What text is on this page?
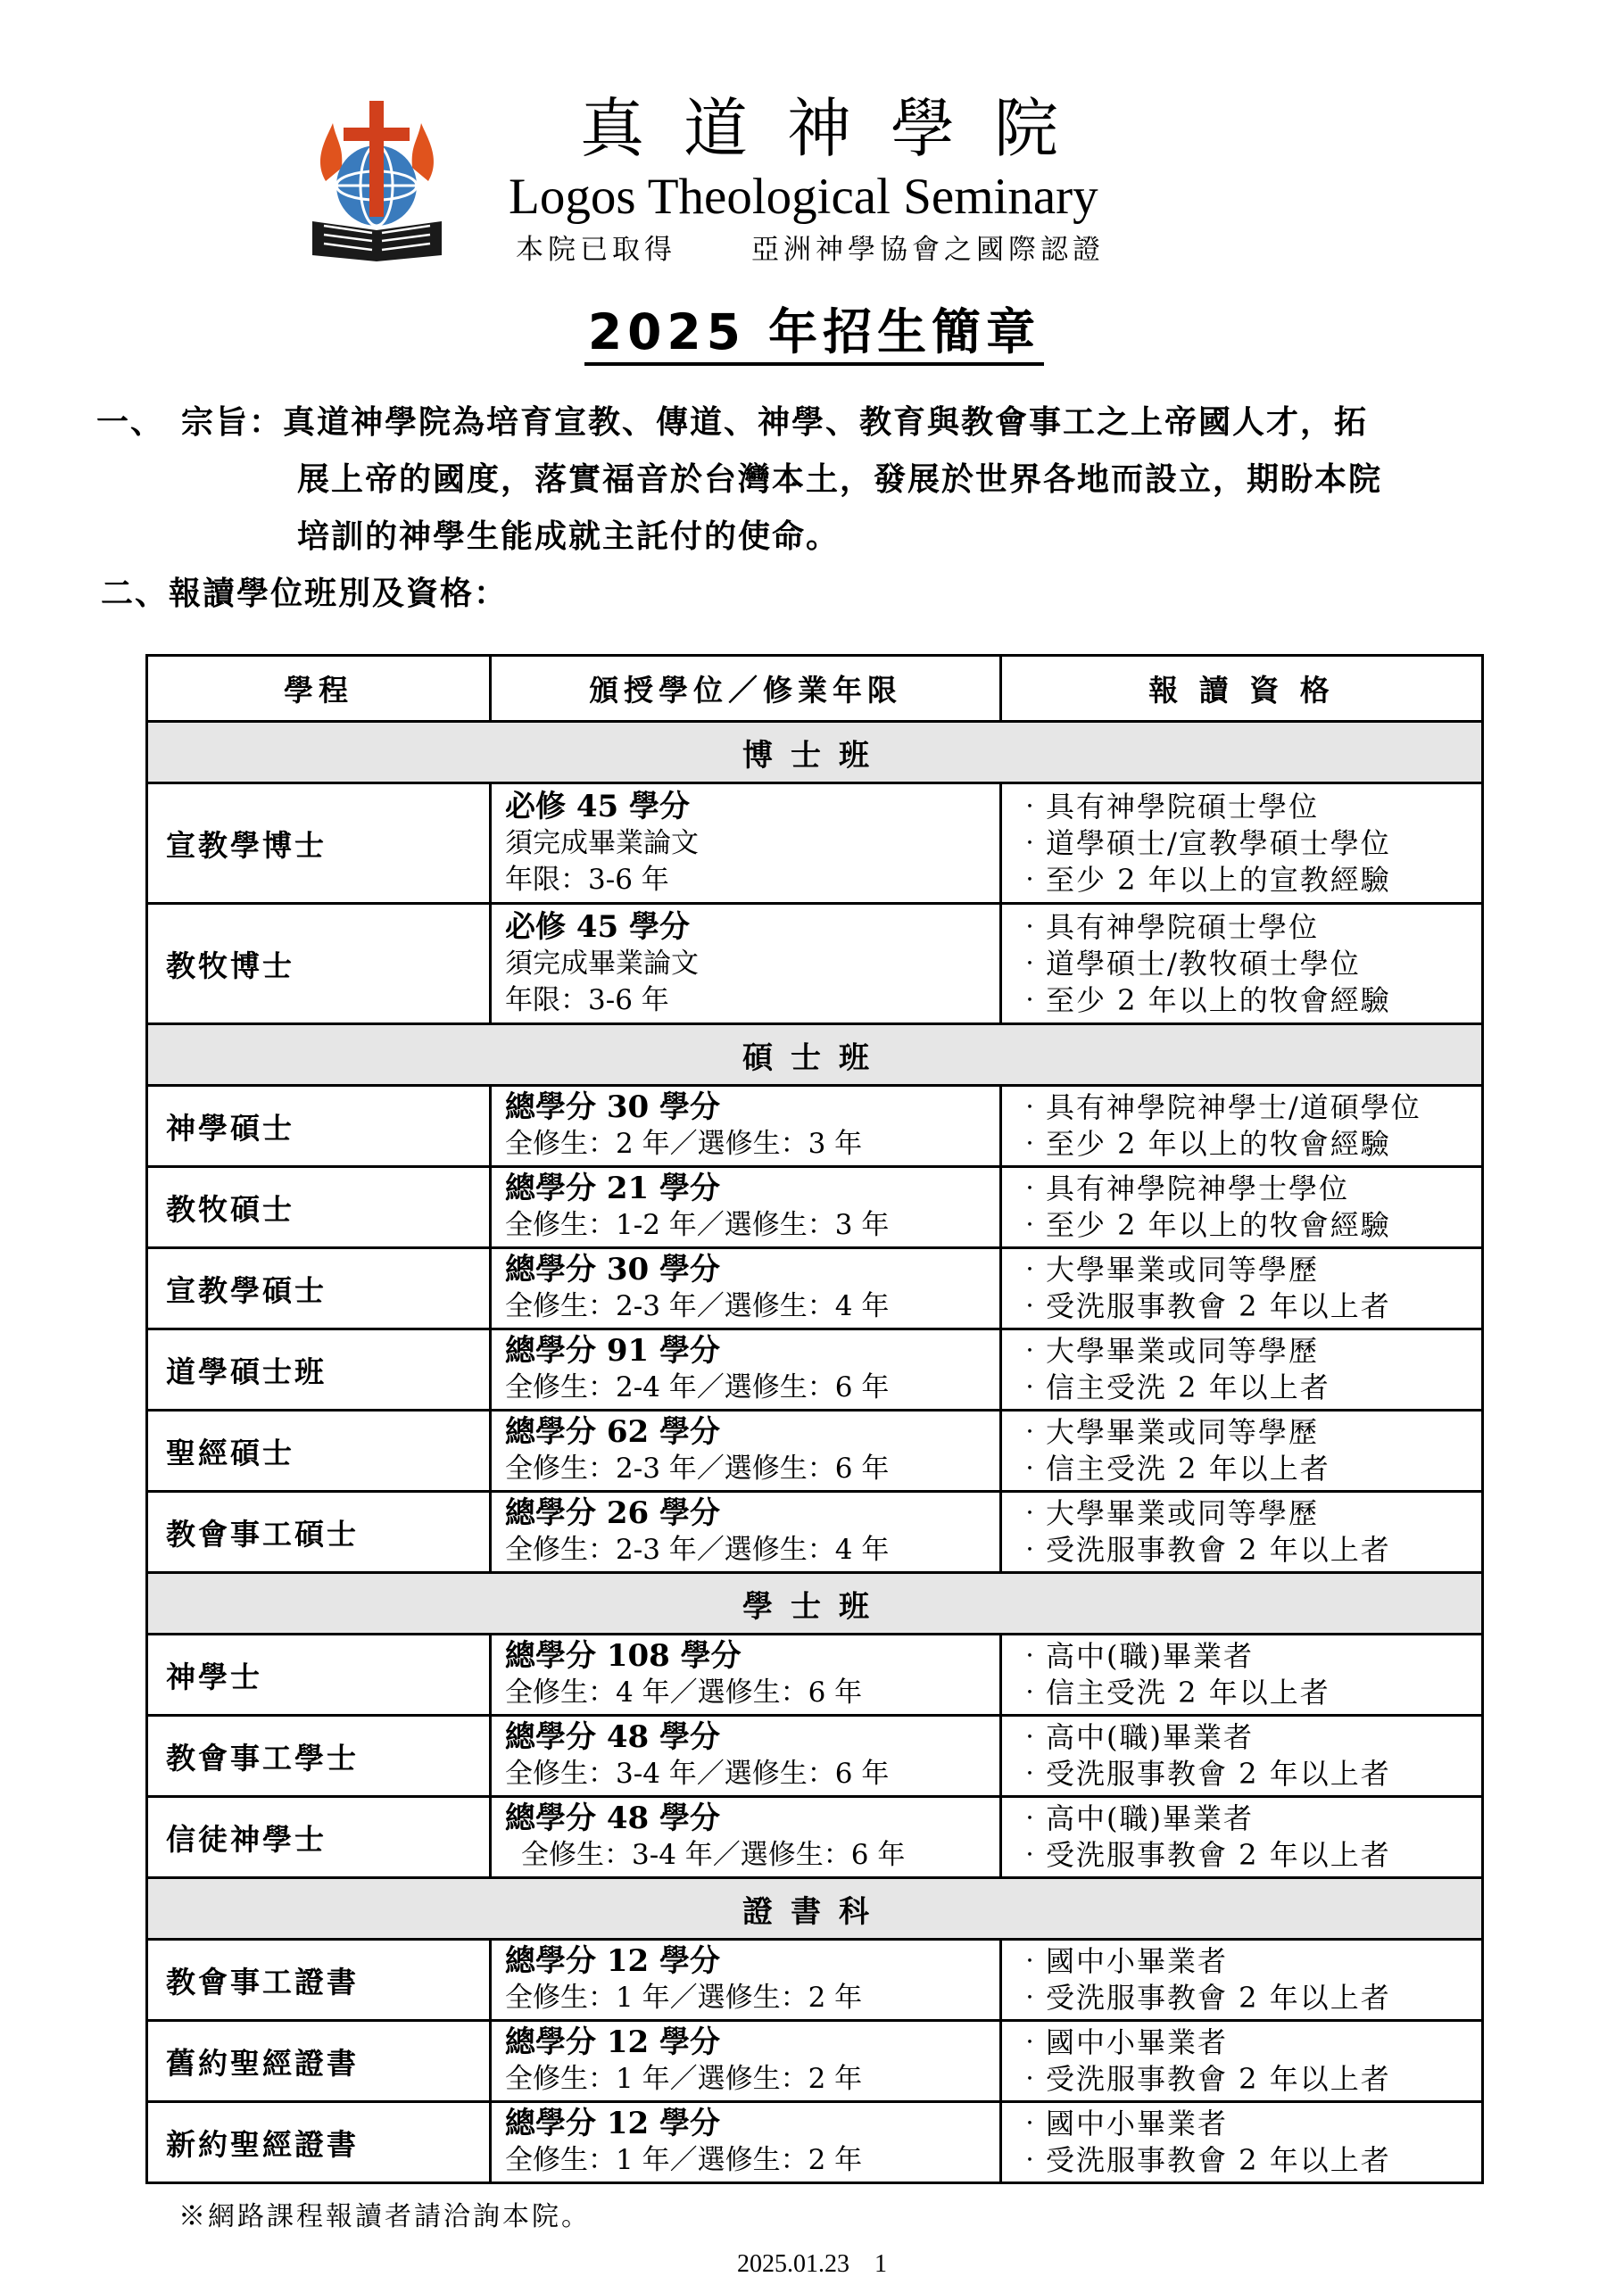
真道神學院
Logos Theological Seminary
本院已取得	亞洲神學協會之國際認證
2025 年招生簡章
一、 宗旨：真道神學院為培育宣教、傳道、神學、教育與教會事工之上帝國人才，拓
展上帝的國度，落實福音於台灣本土，發展於世界各地而設立，期盼本院
培訓的神學生能成就主託付的使命。
二、報讀學位班別及資格：
學程	頒授學位／修業年限	報 讀 資 格
博士班		
宣教學博士	必修 45 學分
須完成畢業論文
年限：3-6 年	‧具有神學院碩士學位
‧道學碩士/宣教學碩士學位
‧至少 2 年以上的宣教經驗

教牧博士	必修 45 學分
須完成畢業論文
年限：3-6 年	‧具有神學院碩士學位
‧道學碩士/教牧碩士學位
‧至少 2 年以上的牧會經驗

碩士班		
神學碩士	總學分 30 學分
全修生：2 年／選修生：3 年	‧具有神學院神學士/道碩學位
‧至少 2 年以上的牧會經驗

教牧碩士	總學分 21 學分
全修生：1-2 年／選修生：3 年	‧具有神學院神學士學位
‧至少 2 年以上的牧會經驗

宣教學碩士	總學分 30 學分
全修生：2-3 年／選修生：4 年	‧大學畢業或同等學歷
‧受洗服事教會 2 年以上者

道學碩士班	總學分 91 學分
全修生：2-4 年／選修生：6 年	‧大學畢業或同等學歷
‧信主受洗 2 年以上者

聖經碩士	總學分 62 學分
全修生：2-3 年／選修生：6 年	‧大學畢業或同等學歷
‧信主受洗 2 年以上者

教會事工碩士	總學分 26 學分
全修生：2-3 年／選修生：4 年	‧大學畢業或同等學歷
‧受洗服事教會 2 年以上者

學士班		
神學士	總學分 108 學分
全修生：4 年／選修生：6 年	‧高中(職)畢業者
‧信主受洗 2 年以上者

教會事工學士	總學分 48 學分
全修生：3-4 年／選修生：6 年	‧高中(職)畢業者
‧受洗服事教會 2 年以上者

信徒神學士	總學分 48 學分
全修生：3-4 年／選修生：6 年	‧高中(職)畢業者
‧受洗服事教會 2 年以上者

證書科		
教會事工證書	總學分 12 學分
全修生：1 年／選修生：2 年	‧國中小畢業者
‧受洗服事教會 2 年以上者

舊約聖經證書	總學分 12 學分
全修生：1 年／選修生：2 年	‧國中小畢業者
‧受洗服事教會 2 年以上者

新約聖經證書	總學分 12 學分
全修生：1 年／選修生：2 年	‧國中小畢業者
‧受洗服事教會 2 年以上者
※網路課程報讀者請洽詢本院。
2025.01.23 1
